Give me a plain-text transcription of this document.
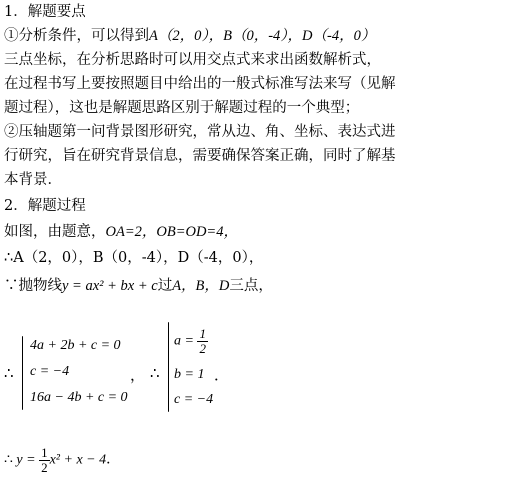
1．解题要点
①分析条件，可以得到A（2，0），B（0，-4），D（-4，0）
三点坐标，在分析思路时可以用交点式来求出函数解析式，
在过程书写上要按照题目中给出的一般式标准写法来写（见解
题过程），这也是解题思路区别于解题过程的一个典型；
②压轴题第一问背景图形研究，常从边、角、坐标、表达式进
行研究，旨在研究背景信息，需要确保答案正确，同时了解基
本背景．
2．解题过程
如图，由题意，OA=2，OB=OD=4，
∴A（2，0），B（0，-4），D（-4，0），
∵抛物线y = ax² + bx + c过A，B，D三点，
∴
4a + 2b + c = 0
c = −4
16a − 4b + c = 0
， ∴
$a = \frac{1}{2}$
b = 1
c = −4
．
∴ $y = \frac{1}{2} x^2 + x - 4$．
